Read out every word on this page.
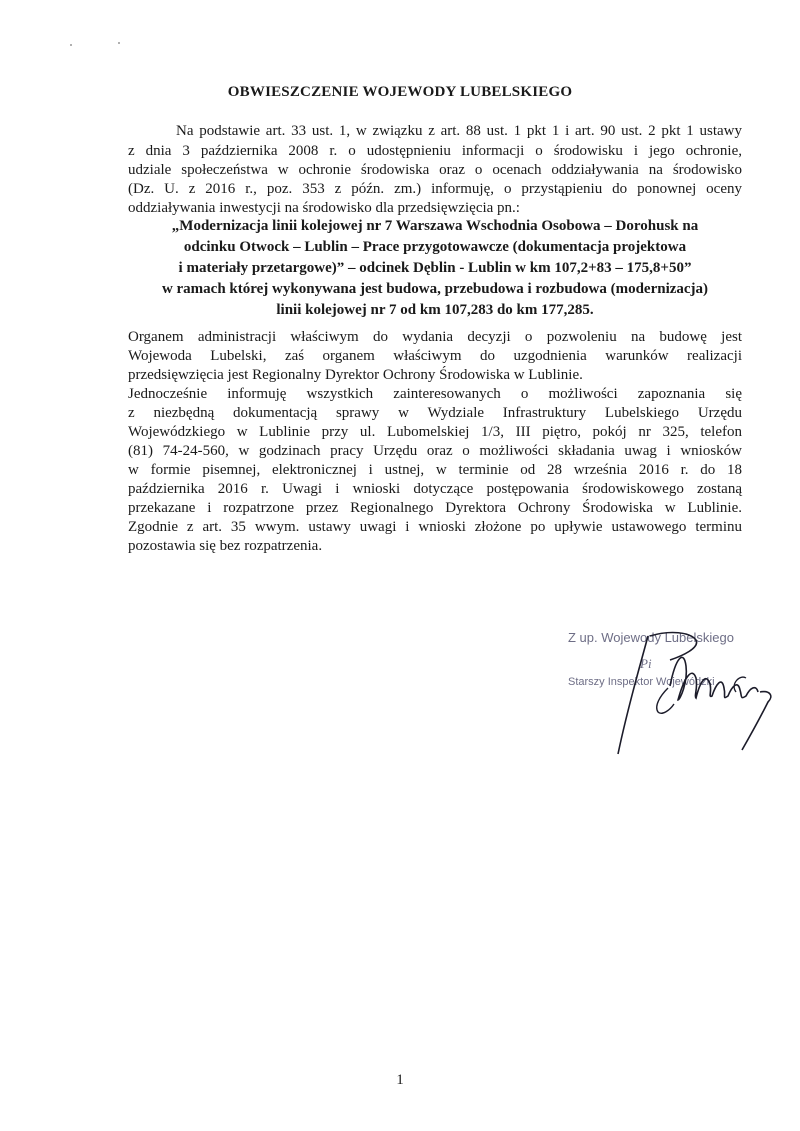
OBWIESZCZENIE WOJEWODY LUBELSKIEGO
Na podstawie art. 33 ust. 1, w związku z art. 88 ust. 1 pkt 1 i art. 90 ust. 2 pkt 1 ustawy
z dnia 3 października 2008 r. o udostępnieniu informacji o środowisku i jego ochronie,
udziale społeczeństwa w ochronie środowiska oraz o ocenach oddziaływania na środowisko
(Dz. U. z 2016 r., poz. 353 z późn. zm.) informuję, o przystąpieniu do ponownej oceny
oddziaływania inwestycji na środowisko dla przedsięwzięcia pn.:
„Modernizacja linii kolejowej nr 7 Warszawa Wschodnia Osobowa – Dorohusk na
odcinku Otwock – Lublin – Prace przygotowawcze (dokumentacja projektowa
i materiały przetargowe)” – odcinek Dęblin - Lublin w km 107,2+83 – 175,8+50”
w ramach której wykonywana jest budowa, przebudowa i rozbudowa (modernizacja)
linii kolejowej nr 7 od km 107,283 do km 177,285.
Organem administracji właściwym do wydania decyzji o pozwoleniu na budowę jest
Wojewoda Lubelski, zaś organem właściwym do uzgodnienia warunków realizacji
przedsięwzięcia jest Regionalny Dyrektor Ochrony Środowiska w Lublinie.
Jednocześnie informuję wszystkich zainteresowanych o możliwości zapoznania się
z niezbędną dokumentacją sprawy w Wydziale Infrastruktury Lubelskiego Urzędu
Wojewódzkiego w Lublinie przy ul. Lubomelskiej 1/3, III piętro, pokój nr 325, telefon
(81) 74-24-560, w godzinach pracy Urzędu oraz o możliwości składania uwag i wniosków
w formie pisemnej, elektronicznej i ustnej, w terminie od 28 września 2016 r. do 18
października 2016 r. Uwagi i wnioski dotyczące postępowania środowiskowego zostaną
przekazane i rozpatrzone przez Regionalnego Dyrektora Ochrony Środowiska w Lublinie.
Zgodnie z art. 35 wwym. ustawy uwagi i wnioski złożone po upływie ustawowego terminu
pozostawia się bez rozpatrzenia.
Z up. Wojewody Lubelskiego
Pi
Starszy Inspektor Wojewódzki
1
